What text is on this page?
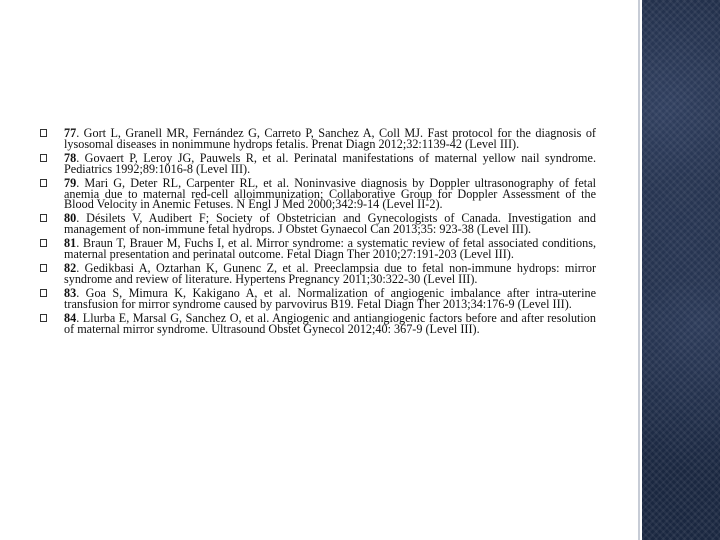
77. Gort L, Granell MR, Fernández G, Carreto P, Sanchez A, Coll MJ. Fast protocol for the diagnosis of lysosomal diseases in nonimmune hydrops fetalis. Prenat Diagn 2012;32:1139-42 (Level III).
78. Govaert P, Leroy JG, Pauwels R, et al. Perinatal manifestations of maternal yellow nail syndrome. Pediatrics 1992;89:1016-8 (Level III).
79. Mari G, Deter RL, Carpenter RL, et al. Noninvasive diagnosis by Doppler ultrasonography of fetal anemia due to maternal red-cell alloimmunization; Collaborative Group for Doppler Assessment of the Blood Velocity in Anemic Fetuses. N Engl J Med 2000;342:9-14 (Level II-2).
80. Désilets V, Audibert F; Society of Obstetrician and Gynecologists of Canada. Investigation and management of non-immune fetal hydrops. J Obstet Gynaecol Can 2013;35: 923-38 (Level III).
81. Braun T, Brauer M, Fuchs I, et al. Mirror syndrome: a systematic review of fetal associated conditions, maternal presentation and perinatal outcome. Fetal Diagn Ther 2010;27:191-203 (Level III).
82. Gedikbasi A, Oztarhan K, Gunenc Z, et al. Preeclampsia due to fetal non-immune hydrops: mirror syndrome and review of literature. Hypertens Pregnancy 2011;30:322-30 (Level III).
83. Goa S, Mimura K, Kakigano A, et al. Normalization of angiogenic imbalance after intra-uterine transfusion for mirror syndrome caused by parvovirus B19. Fetal Diagn Ther 2013;34:176-9 (Level III).
84. Llurba E, Marsal G, Sanchez O, et al. Angiogenic and antiangiogenic factors before and after resolution of maternal mirror syndrome. Ultrasound Obstet Gynecol 2012;40: 367-9 (Level III).
